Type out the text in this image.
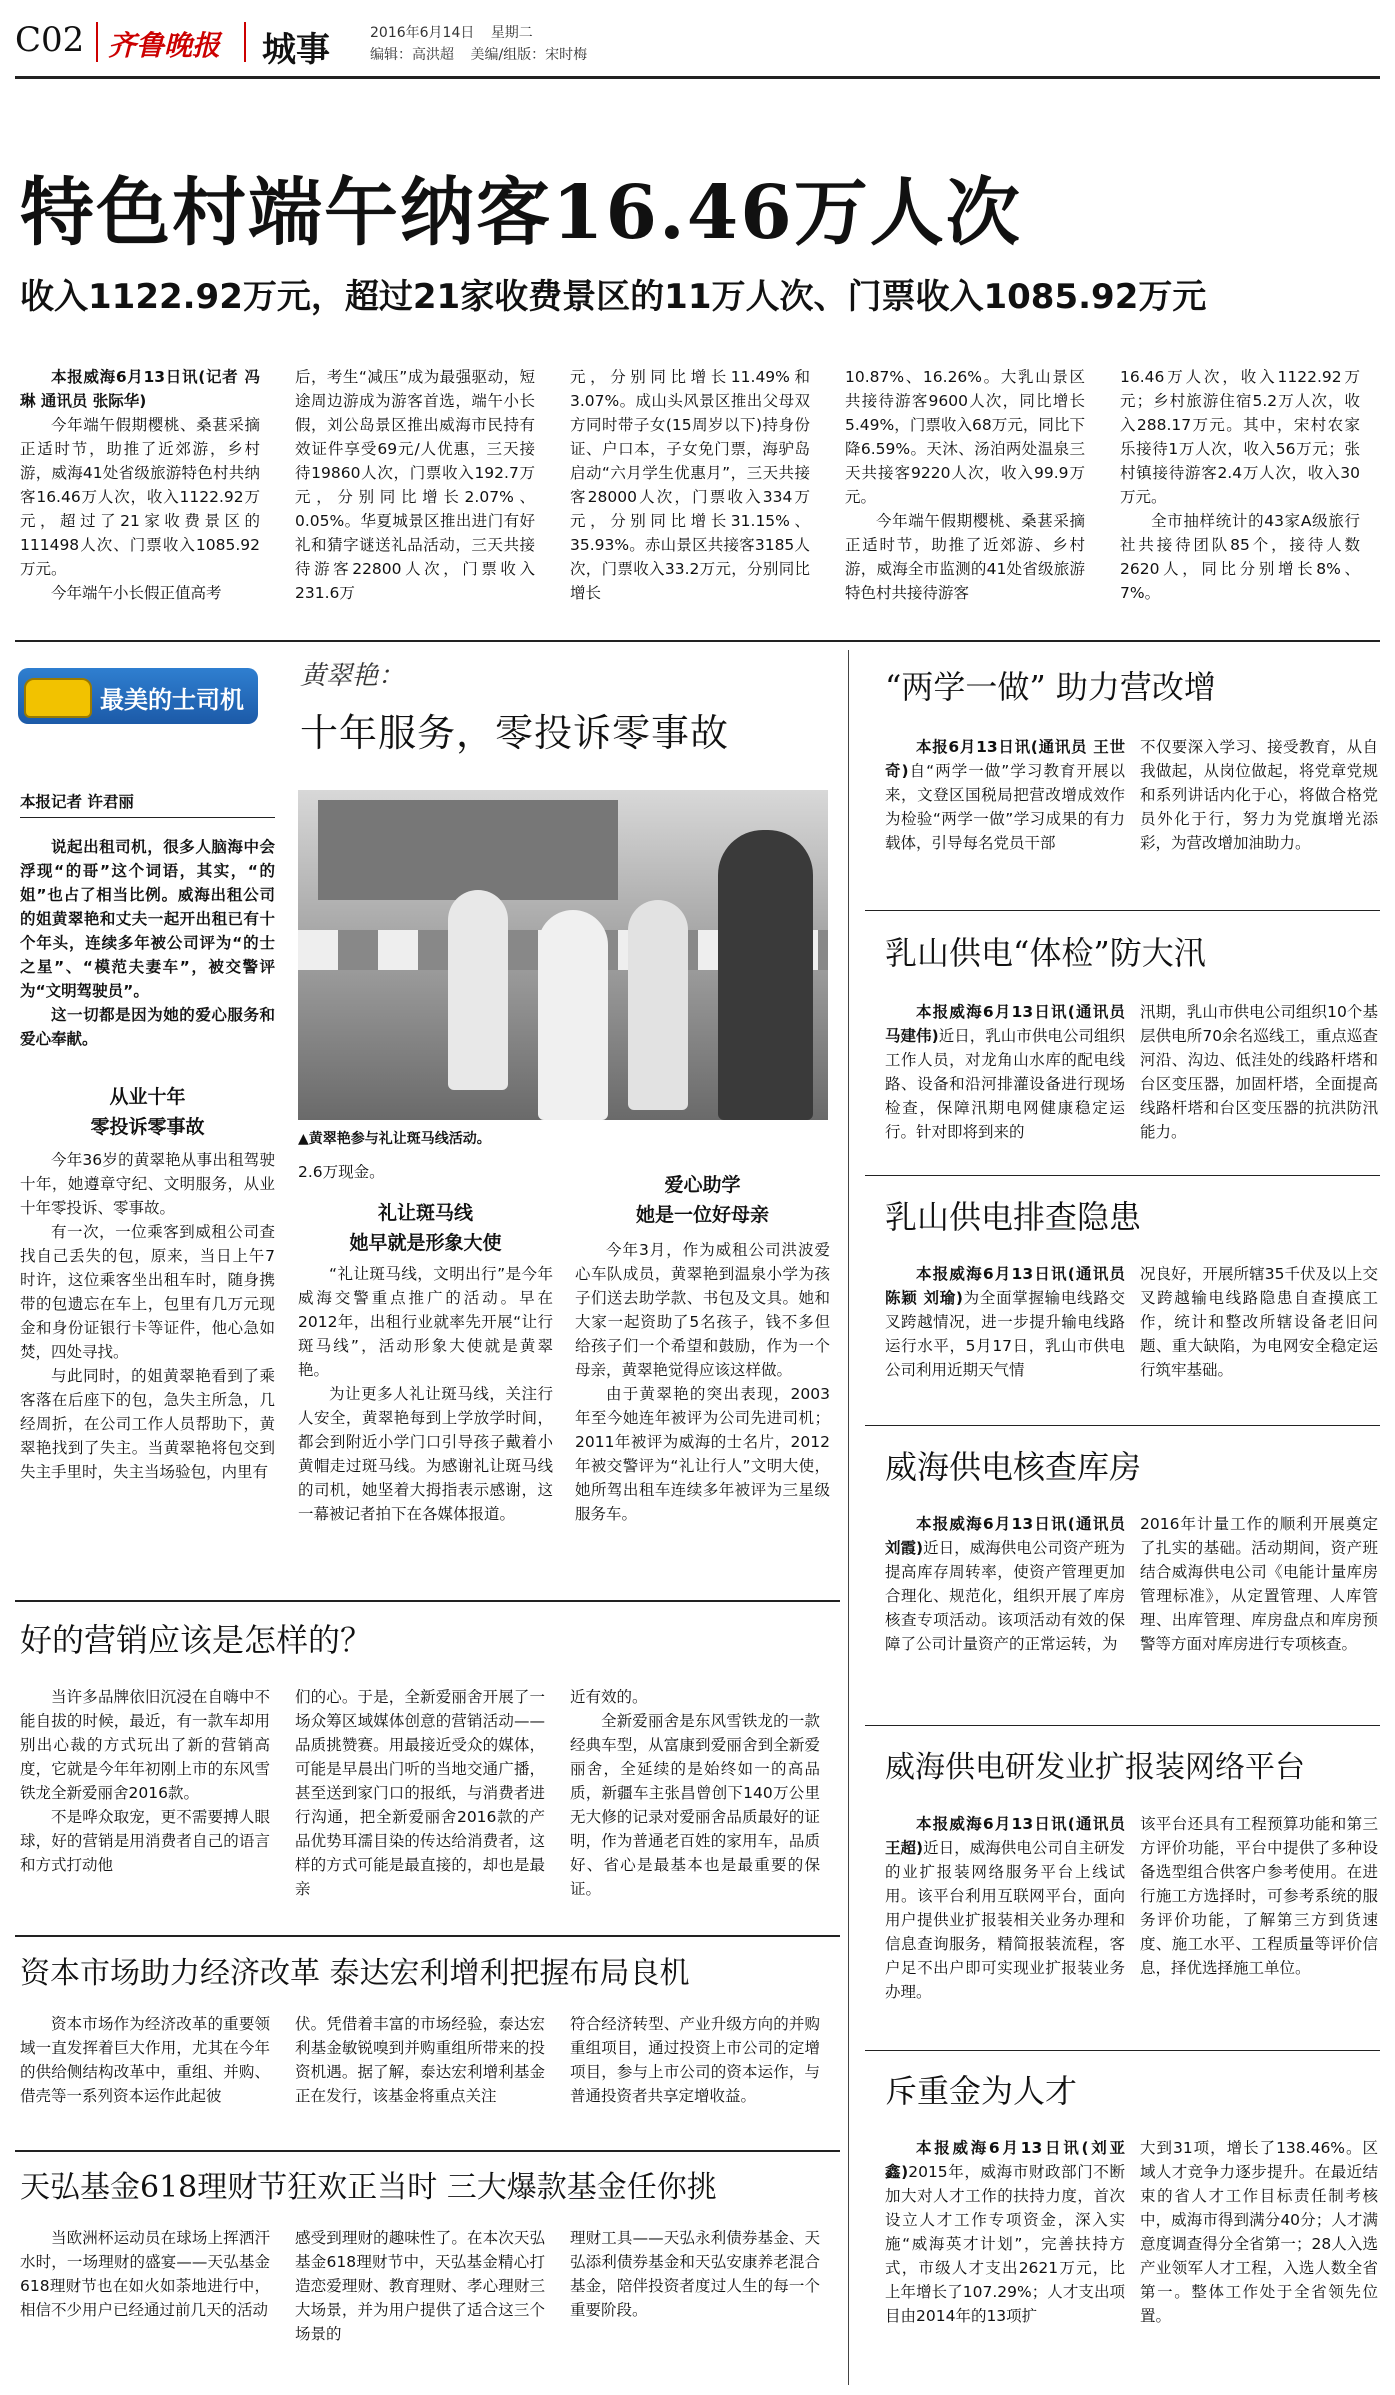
C02 齐鲁晚报 城事	2016年6月14日 星期二
编辑：高洪超 美编/组版：宋时梅
特色村端午纳客16.46万人次
收入1122.92万元，超过21家收费景区的11万人次、门票收入1085.92万元

本报威海6月13日讯(记者 冯琳 通讯员 张际华)

今年端午假期樱桃、桑葚采摘正适时节，助推了近郊游，乡村游，威海41处省级旅游特色村共纳客16.46万人次，收入1122.92万元，超过了21家收费景区的111498人次、门票收入1085.92万元。

今年端午小长假正值高考

后，考生“减压”成为最强驱动，短途周边游成为游客首选，端午小长假，刘公岛景区推出威海市民持有效证件享受69元/人优惠，三天接待19860人次，门票收入192.7万元，分别同比增长2.07%、0.05%。华夏城景区推出进门有好礼和猜字谜送礼品活动，三天共接待游客22800人次，门票收入231.6万

元，分别同比增长11.49%和3.07%。成山头风景区推出父母双方同时带子女(15周岁以下)持身份证、户口本，子女免门票，海驴岛启动“六月学生优惠月”，三天共接客28000人次，门票收入334万元，分别同比增长31.15%、35.93%。赤山景区共接客3185人次，门票收入33.2万元，分别同比增长

10.87%、16.26%。大乳山景区共接待游客9600人次，同比增长5.49%，门票收入68万元，同比下降6.59%。天沐、汤泊两处温泉三天共接客9220人次，收入99.9万元。

今年端午假期樱桃、桑葚采摘正适时节，助推了近郊游、乡村游，威海全市监测的41处省级旅游特色村共接待游客

16.46万人次，收入1122.92万元；乡村旅游住宿5.2万人次，收入288.17万元。其中，宋村农家乐接待1万人次，收入56万元；张村镇接待游客2.4万人次，收入30万元。

全市抽样统计的43家A级旅行社共接待团队85个，接待人数2620人，同比分别增长8%、7%。

最美的士司机
黄翠艳：
十年服务，零投诉零事故
本报记者 许君丽

说起出租司机，很多人脑海中会浮现“的哥”这个词语，其实，“的姐”也占了相当比例。威海出租公司的姐黄翠艳和丈夫一起开出租已有十个年头，连续多年被公司评为“的士之星”、“模范夫妻车”，被交警评为“文明驾驶员”。

这一切都是因为她的爱心服务和爱心奉献。

▲黄翠艳参与礼让斑马线活动。
从业十年
零投诉零事故

今年36岁的黄翠艳从事出租驾驶十年，她遵章守纪、文明服务，从业十年零投诉、零事故。

有一次，一位乘客到威租公司查找自己丢失的包，原来，当日上午7时许，这位乘客坐出租车时，随身携带的包遗忘在车上，包里有几万元现金和身份证银行卡等证件，他心急如焚，四处寻找。

与此同时，的姐黄翠艳看到了乘客落在后座下的包，急失主所急，几经周折，在公司工作人员帮助下，黄翠艳找到了失主。当黄翠艳将包交到失主手里时，失主当场验包，内里有

2.6万现金。

礼让斑马线
她早就是形象大使

“礼让斑马线，文明出行”是今年威海交警重点推广的活动。早在2012年，出租行业就率先开展“让行斑马线”，活动形象大使就是黄翠艳。

为让更多人礼让斑马线，关注行人安全，黄翠艳每到上学放学时间，都会到附近小学门口引导孩子戴着小黄帽走过斑马线。为感谢礼让斑马线的司机，她坚着大拇指表示感谢，这一幕被记者拍下在各媒体报道。

爱心助学
她是一位好母亲

今年3月，作为威租公司洪波爱心车队成员，黄翠艳到温泉小学为孩子们送去助学款、书包及文具。她和大家一起资助了5名孩子，钱不多但给孩子们一个希望和鼓励，作为一个母亲，黄翠艳觉得应该这样做。

由于黄翠艳的突出表现，2003年至今她连年被评为公司先进司机；2011年被评为威海的士名片，2012年被交警评为“礼让行人”文明大使，她所驾出租车连续多年被评为三星级服务车。

好的营销应该是怎样的？

当许多品牌依旧沉浸在自嗨中不能自拔的时候，最近，有一款车却用别出心裁的方式玩出了新的营销高度，它就是今年年初刚上市的东风雪铁龙全新爱丽舍2016款。

不是哗众取宠，更不需要搏人眼球，好的营销是用消费者自己的语言和方式打动他

们的心。于是，全新爱丽舍开展了一场众筹区域媒体创意的营销活动——品质挑赞赛。用最接近受众的媒体，可能是早晨出门听的当地交通广播，甚至送到家门口的报纸，与消费者进行沟通，把全新爱丽舍2016款的产品优势耳濡目染的传达给消费者，这样的方式可能是最直接的，却也是最亲

近有效的。

全新爱丽舍是东风雪铁龙的一款经典车型，从富康到爱丽舍到全新爱丽舍，全延续的是始终如一的高品质，新疆车主张昌曾创下140万公里无大修的记录对爱丽舍品质最好的证明，作为普通老百姓的家用车，品质好、省心是最基本也是最重要的保证。

资本市场助力经济改革 泰达宏利增利把握布局良机

资本市场作为经济改革的重要领域一直发挥着巨大作用，尤其在今年的供给侧结构改革中，重组、并购、借壳等一系列资本运作此起彼

伏。凭借着丰富的市场经验，泰达宏利基金敏锐嗅到并购重组所带来的投资机遇。据了解，泰达宏利增利基金正在发行，该基金将重点关注

符合经济转型、产业升级方向的并购重组项目，通过投资上市公司的定增项目，参与上市公司的资本运作，与普通投资者共享定增收益。

天弘基金618理财节狂欢正当时 三大爆款基金任你挑

当欧洲杯运动员在球场上挥洒汗水时，一场理财的盛宴——天弘基金618理财节也在如火如荼地进行中，相信不少用户已经通过前几天的活动

感受到理财的趣味性了。在本次天弘基金618理财节中，天弘基金精心打造恋爱理财、教育理财、孝心理财三大场景，并为用户提供了适合这三个场景的

理财工具——天弘永利债券基金、天弘添利债券基金和天弘安康养老混合基金，陪伴投资者度过人生的每一个重要阶段。

“两学一做” 助力营改增

本报6月13日讯(通讯员 王世奇)自“两学一做”学习教育开展以来，文登区国税局把营改增成效作为检验“两学一做”学习成果的有力载体，引导每名党员干部

不仅要深入学习、接受教育，从自我做起，从岗位做起，将党章党规和系列讲话内化于心，将做合格党员外化于行，努力为党旗增光添彩，为营改增加油助力。

乳山供电“体检”防大汛

本报威海6月13日讯(通讯员 马建伟)近日，乳山市供电公司组织工作人员，对龙角山水库的配电线路、设备和沿河排灌设备进行现场检查，保障汛期电网健康稳定运行。针对即将到来的

汛期，乳山市供电公司组织10个基层供电所70余名巡线工，重点巡查河沿、沟边、低洼处的线路杆塔和台区变压器，加固杆塔，全面提高线路杆塔和台区变压器的抗洪防汛能力。

乳山供电排查隐患

本报威海6月13日讯(通讯员 陈颖 刘瑜)为全面掌握输电线路交叉跨越情况，进一步提升输电线路运行水平，5月17日，乳山市供电公司利用近期天气情

况良好，开展所辖35千伏及以上交叉跨越输电线路隐患自查摸底工作，统计和整改所辖设备老旧问题、重大缺陷，为电网安全稳定运行筑牢基础。

威海供电核查库房

本报威海6月13日讯(通讯员 刘霞)近日，威海供电公司资产班为提高库存周转率，使资产管理更加合理化、规范化，组织开展了库房核查专项活动。该项活动有效的保障了公司计量资产的正常运转，为

2016年计量工作的顺利开展奠定了扎实的基础。活动期间，资产班结合威海供电公司《电能计量库房管理标准》，从定置管理、人库管理、出库管理、库房盘点和库房预警等方面对库房进行专项核查。

威海供电研发业扩报装网络平台

本报威海6月13日讯(通讯员 王超)近日，威海供电公司自主研发的业扩报装网络服务平台上线试用。该平台利用互联网平台，面向用户提供业扩报装相关业务办理和信息查询服务，精简报装流程，客户足不出户即可实现业扩报装业务办理。

该平台还具有工程预算功能和第三方评价功能，平台中提供了多种设备选型组合供客户参考使用。在进行施工方选择时，可参考系统的服务评价功能，了解第三方到货速度、施工水平、工程质量等评价信息，择优选择施工单位。

斥重金为人才

本报威海6月13日讯(刘亚鑫)2015年，威海市财政部门不断加大对人才工作的扶持力度，首次设立人才工作专项资金，深入实施“威海英才计划”，完善扶持方式，市级人才支出2621万元，比上年增长了107.29%；人才支出项目由2014年的13项扩

大到31项，增长了138.46%。区域人才竞争力逐步提升。在最近结束的省人才工作目标责任制考核中，威海市得到满分40分；人才满意度调查得分全省第一；28人入选产业领军人才工程，入选人数全省第一。整体工作处于全省领先位置。
